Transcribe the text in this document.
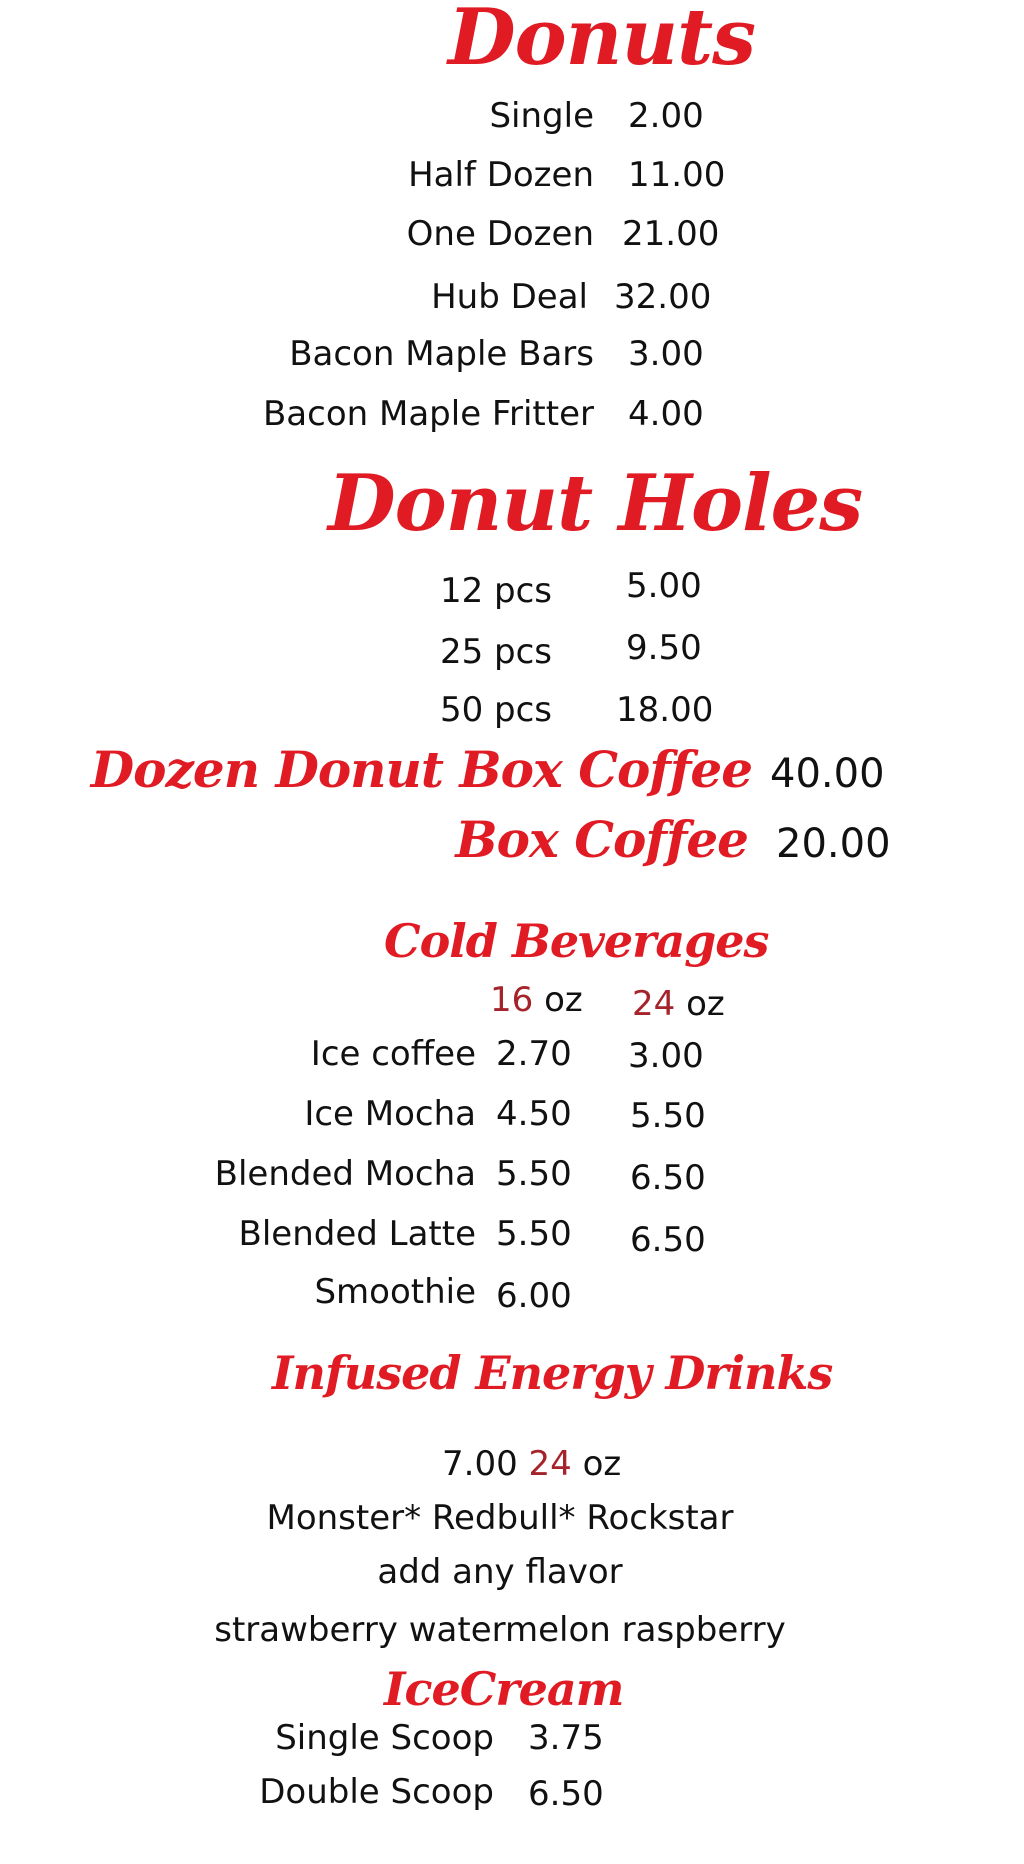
Donuts
Single 2.00
Half Dozen 11.00
One Dozen 21.00
Hub Deal 32.00
Bacon Maple Bars 3.00
Bacon Maple Fritter 4.00
Donut Holes
12 pcs 5.00
25 pcs 9.50
50 pcs 18.00
Dozen Donut Box Coffee 40.00
Box Coffee 20.00
Cold Beverages
16 oz 24 oz
Ice coffee 2.70 3.00
Ice Mocha 4.50 5.50
Blended Mocha 5.50 6.50
Blended Latte 5.50 6.50
Smoothie 6.00
Infused Energy Drinks
7.00 24 oz
Monster* Redbull* Rockstar
add any flavor
strawberry watermelon raspberry
IceCream
Single Scoop 3.75
Double Scoop 6.50
